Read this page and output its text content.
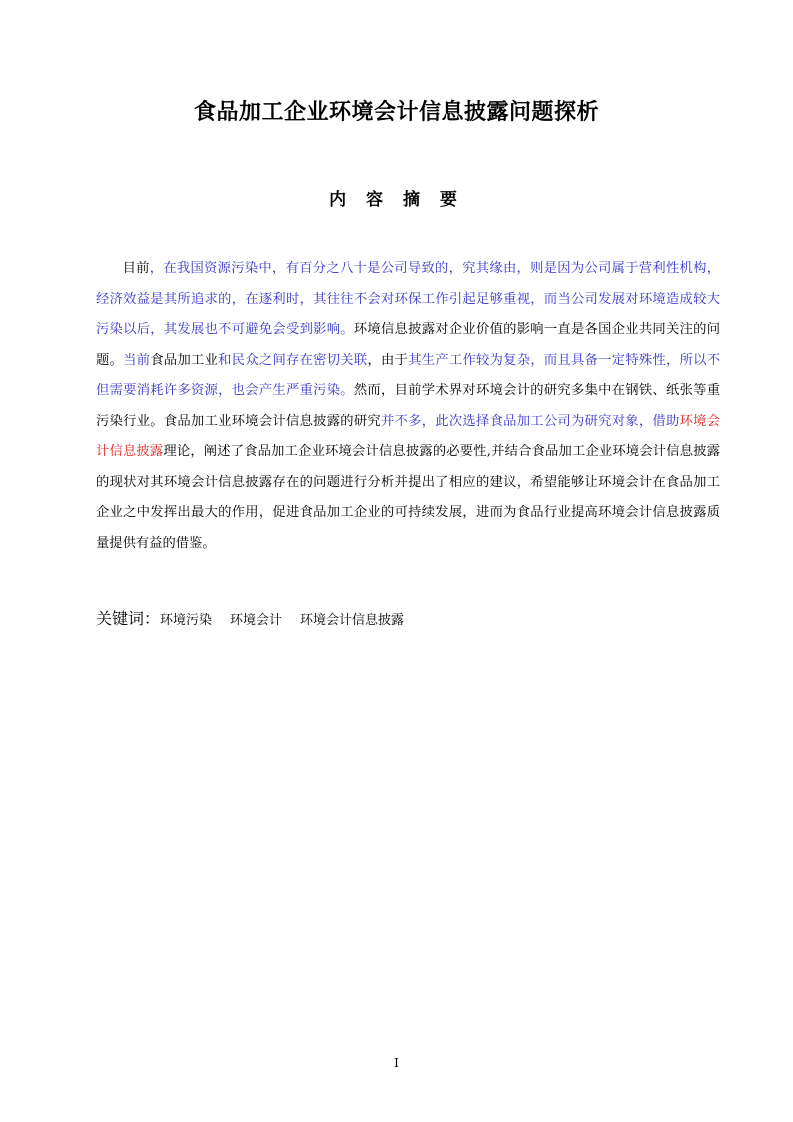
食品加工企业环境会计信息披露问题探析
内 容 摘 要

目前，在我国资源污染中，有百分之八十是公司导致的，究其缘由，则是因为公司属于营利性机构，经济效益是其所追求的，在逐利时，其往往不会对环保工作引起足够重视，而当公司发展对环境造成较大污染以后，其发展也不可避免会受到影响。环境信息披露对企业价值的影响一直是各国企业共同关注的问题。当前食品加工业和民众之间存在密切关联，由于其生产工作较为复杂，而且具备一定特殊性，所以不但需要消耗许多资源，也会产生严重污染。然而，目前学术界对环境会计的研究多集中在钢铁、纸张等重污染行业。食品加工业环境会计信息披露的研究并不多，此次选择食品加工公司为研究对象，借助环境会计信息披露理论，阐述了食品加工企业环境会计信息披露的必要性,并结合食品加工企业环境会计信息披露的现状对其环境会计信息披露存在的问题进行分析并提出了相应的建议，希望能够让环境会计在食品加工企业之中发挥出最大的作用，促进食品加工企业的可持续发展，进而为食品行业提高环境会计信息披露质量提供有益的借鉴。

关键词：环境污染 环境会计 环境会计信息披露
I
